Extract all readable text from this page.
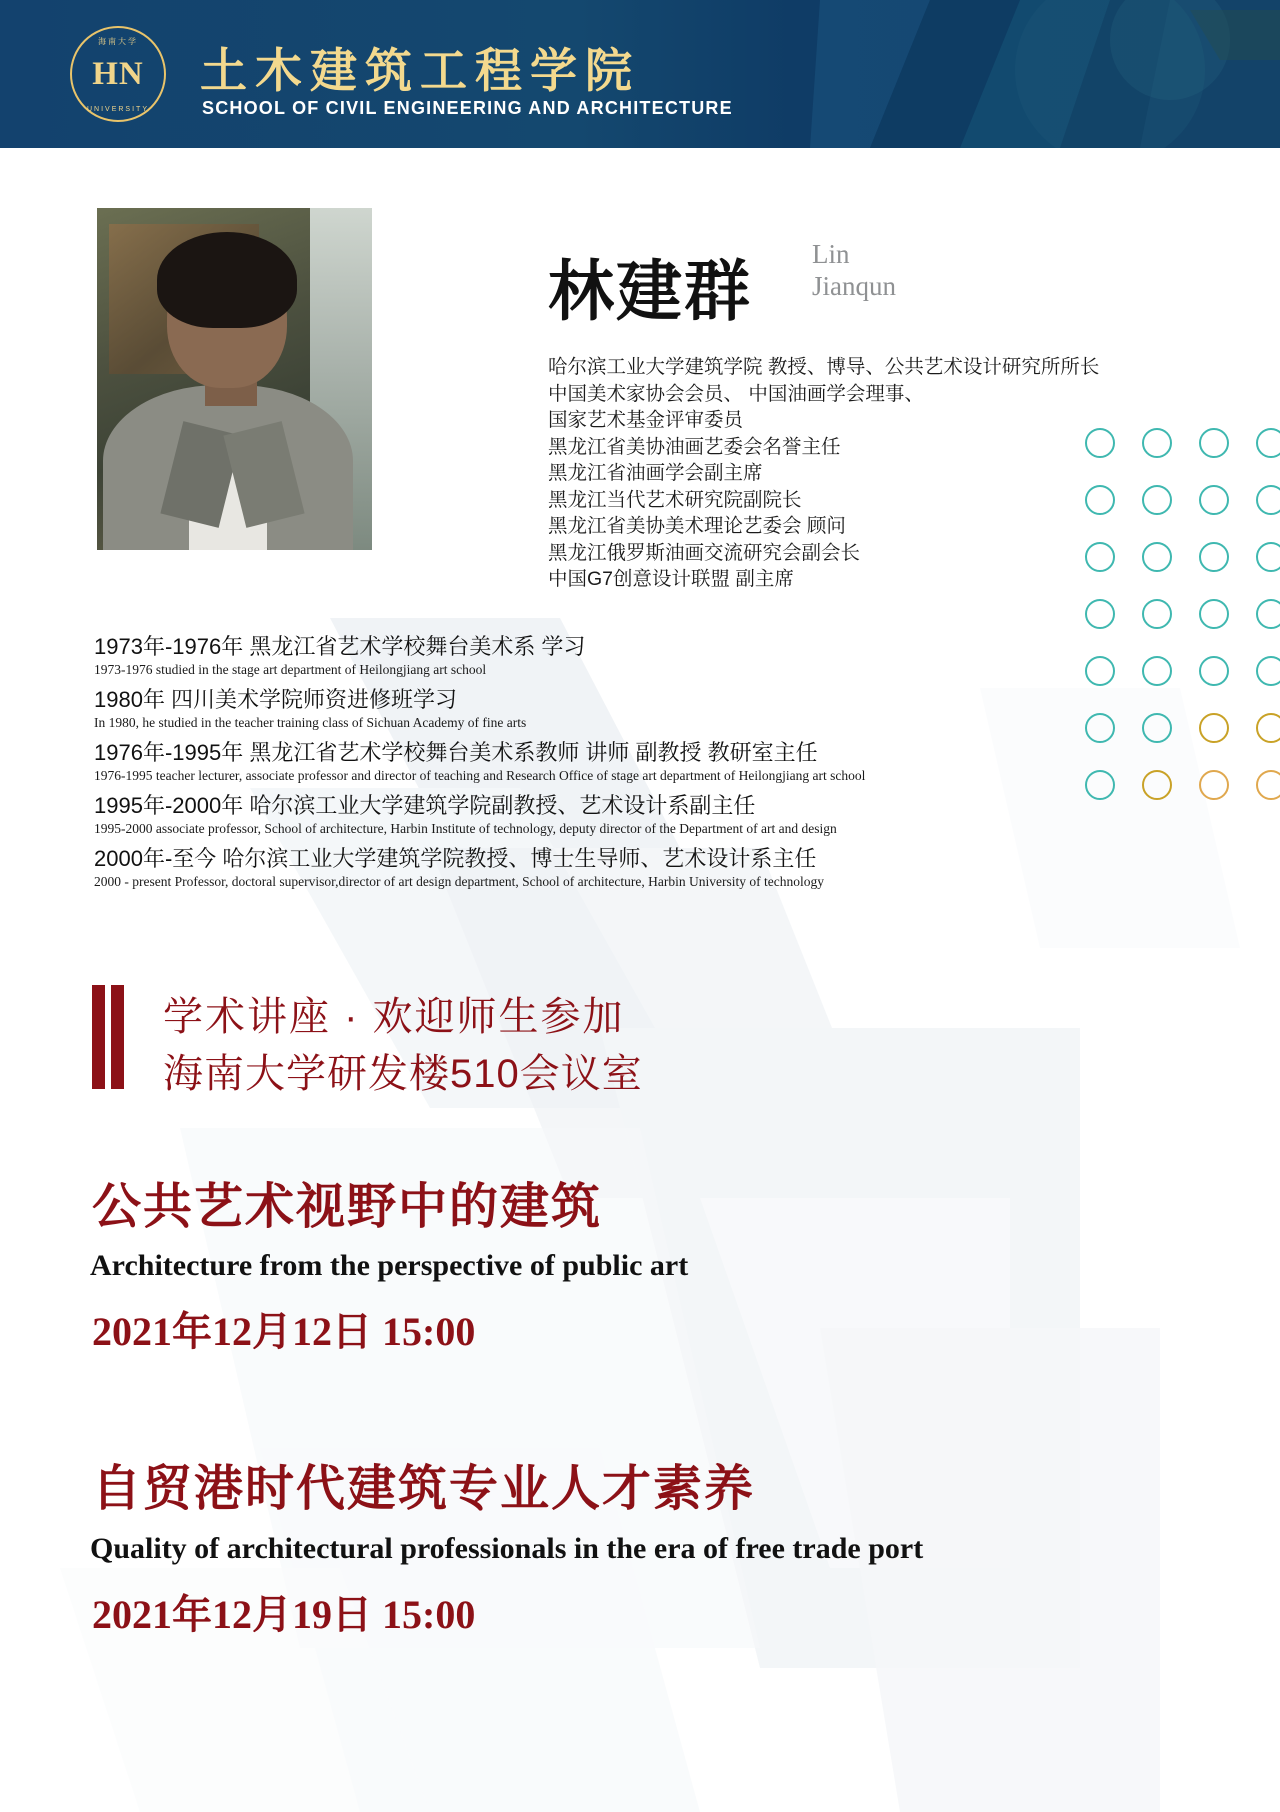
海南大学
HN
UNIVERSITY
土木建筑工程学院
SCHOOL OF CIVIL ENGINEERING AND ARCHITECTURE
林建群
Lin
Jianqun
哈尔滨工业大学建筑学院 教授、博导、公共艺术设计研究所所长
中国美术家协会会员、 中国油画学会理事、
国家艺术基金评审委员
黑龙江省美协油画艺委会名誉主任
黑龙江省油画学会副主席
黑龙江当代艺术研究院副院长
黑龙江省美协美术理论艺委会 顾问
黑龙江俄罗斯油画交流研究会副会长
中国G7创意设计联盟 副主席
1973年-1976年 黑龙江省艺术学校舞台美术系 学习
1973-1976 studied in the stage art department of Heilongjiang art school
1980年 四川美术学院师资进修班学习
In 1980, he studied in the teacher training class of Sichuan Academy of fine arts
1976年-1995年 黑龙江省艺术学校舞台美术系教师 讲师 副教授 教研室主任
1976-1995 teacher lecturer, associate professor and director of teaching and Research Office of stage art department of Heilongjiang art school
1995年-2000年 哈尔滨工业大学建筑学院副教授、艺术设计系副主任
1995-2000 associate professor, School of architecture, Harbin Institute of technology, deputy director of the Department of art and design
2000年-至今 哈尔滨工业大学建筑学院教授、博士生导师、艺术设计系主任
2000 - present Professor, doctoral supervisor,director of art design department, School of architecture, Harbin University of technology
学术讲座 · 欢迎师生参加
海南大学研发楼510会议室
公共艺术视野中的建筑
Architecture from the perspective of public art
2021年12月12日 15:00
自贸港时代建筑专业人才素养
Quality of architectural professionals in the era of free trade port
2021年12月19日 15:00
